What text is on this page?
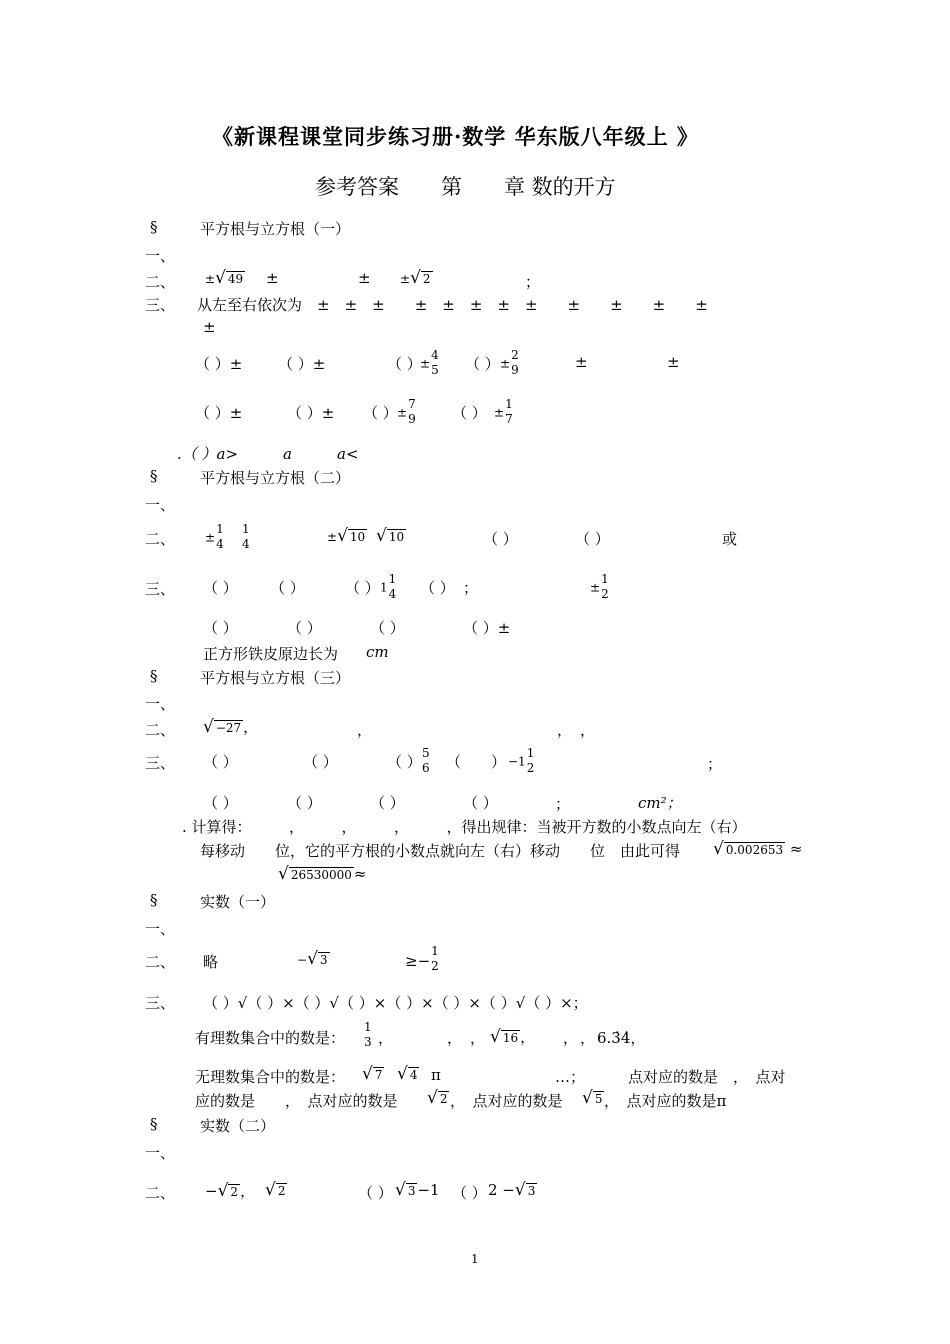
《新课程课堂同步练习册·数学 华东版八年级上 》
参考答案　　第　　章 数的开方
§	平方根与立方根（一）
一、
二、 ±√ 49 ±	± ±√ 2	；
三、 从左至右依次为　±　±　±　　±　±　±　±　±　　±　　±　　±　　±
±
（ ）± （ ）±	（ ）
±
4
5 （ ） ±
2
9	±	±
（ ）±	（ ）± （ ） ±
7
9 （ ） ±
1
7
.（ ）a>　　　a　　　a<
§	平方根与立方根（二）
一、
二、 ±
1
4
1
4	±√ 10 √ 10	（ ）	（ ）	或
三、 （ ） （ ）	（ ） 1
1
4 （ ） ；	±
1
2
（ ）	（ ）	（ ）	（ ）±
正方形铁皮原边长为 cm
§	平方根与立方根（三）
一、
二、 √ −27 ，	，	， ，
三、 （ ）	（ ）	（ ） 5
6 （　　） −1
1
2	；
（ ）	（ ）	（ ）	（ ）	；	cm²；
. 计算得：　　　，　　　，　　　，　　　，得出规律：当被开方数的小数点向左（右）
每移动　　位，它的平方根的小数点就向左（右）移动　　位　由此可得 √ 0.002653 ≈
√ 26530000 ≈
§	实数（一）
一、
二、 略	−√ 3	≥−
1
2
三、 （ ）√（ ）×（ ）√（ ）×（ ）×（ ）×（ ）√（ ）×；
有理数集合中的数是：
1
3 ，	， ， √ 16 ， ， ， 6.3̇4̇，
无理数集合中的数是： √ 7 √ 4 π	…；	点对应的数是　，　点对
应的数是　　，　点对应的数是 √ 2 ，　点对应的数是 √ 5 ，　点对应的数是π
§	实数（二）
一、
二、 −√ 2 ， √ 2	（ ） √ 3 −1 （ ） 2 −√ 3
1
